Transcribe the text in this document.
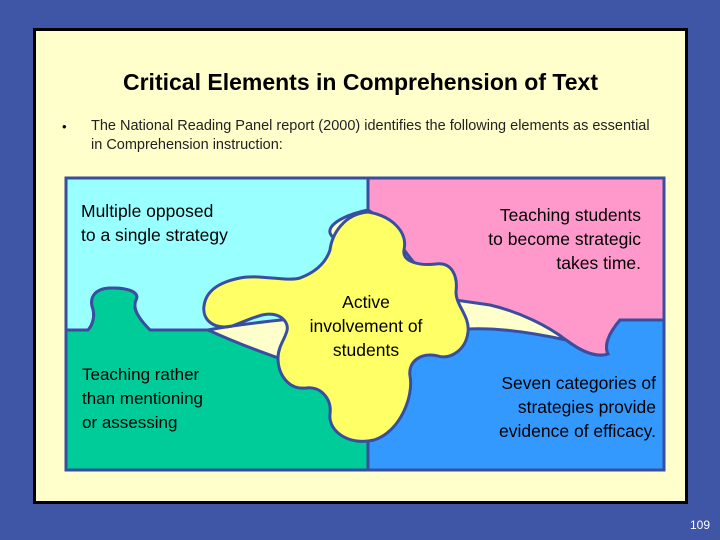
Critical Elements in Comprehension of Text
• The National Reading Panel report (2000) identifies the following elements as essential in Comprehension instruction:
Multiple opposed
to a single strategy
Teaching students
to become strategic
takes time.
Teaching rather
than mentioning
or assessing
Seven categories of
strategies provide
evidence of efficacy.
Active
involvement of
students
109
